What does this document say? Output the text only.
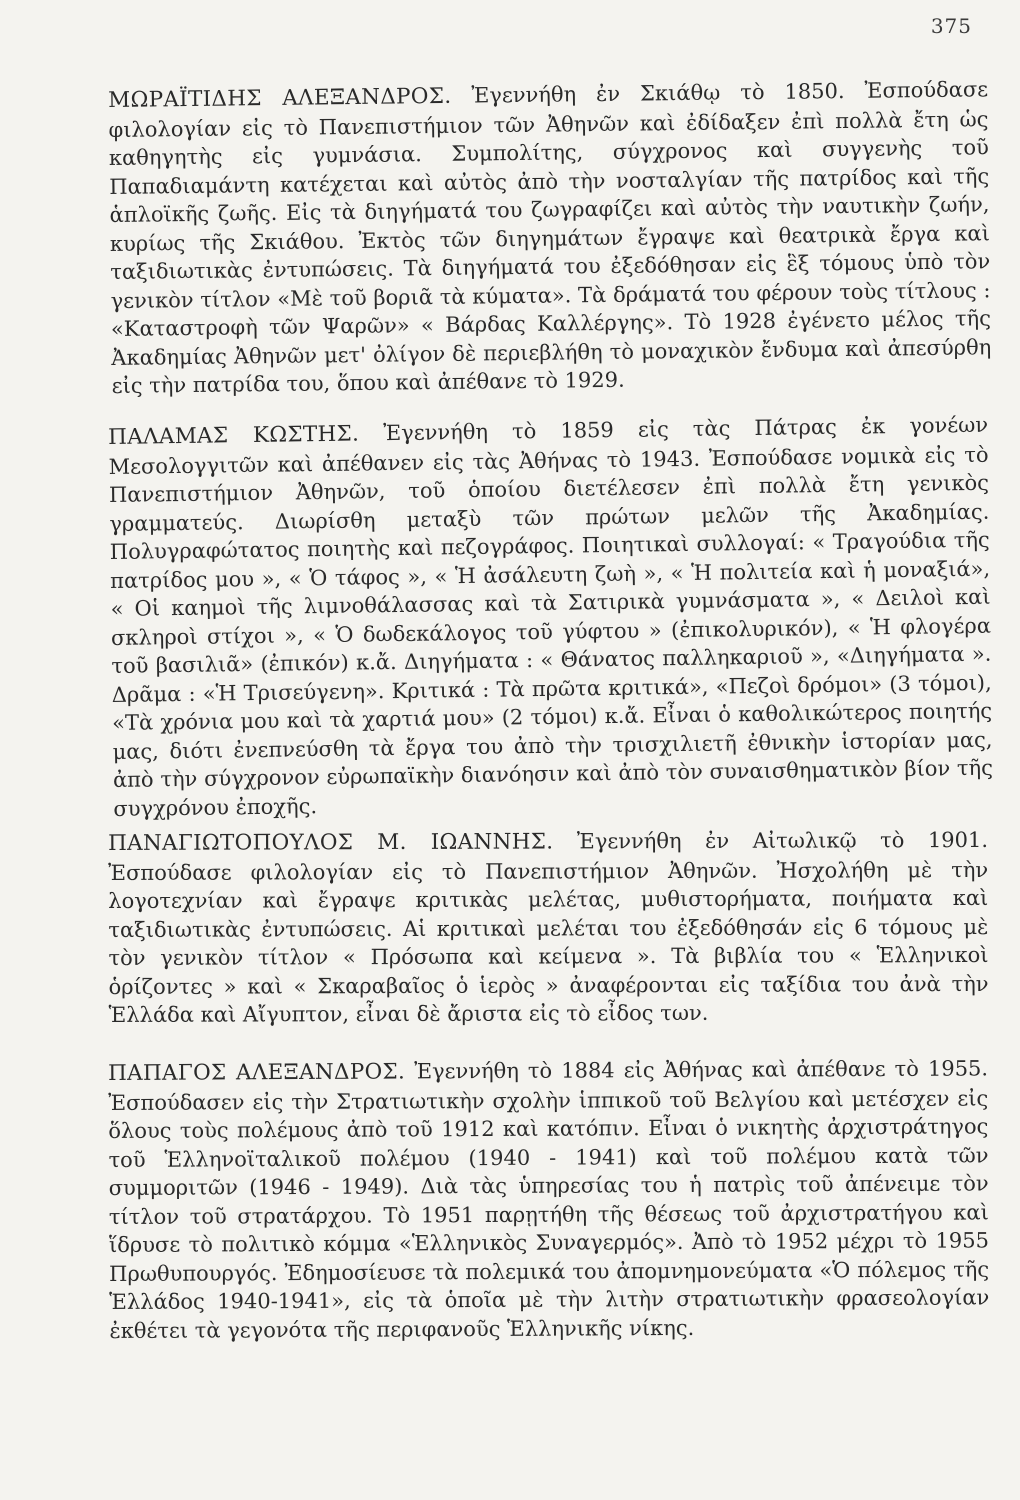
375

ΜΩΡΑΪΤΙΔΗΣ ΑΛΕΞΑΝΔΡΟΣ. Ἐγεννήθη ἐν Σκιάθῳ τὸ 1850. Ἐσπούδασε φιλολογίαν εἰς τὸ Πανεπιστήμιον τῶν Ἀθηνῶν καὶ ἐδίδαξεν ἐπὶ πολλὰ ἔτη ὡς καθηγητὴς εἰς γυμνάσια. Συμπολίτης, σύγχρονος καὶ συγγενὴς τοῦ Παπαδιαμάντη κατέχεται καὶ αὐτὸς ἀπὸ τὴν νοσταλγίαν τῆς πατρίδος καὶ τῆς ἁπλοϊκῆς ζωῆς. Εἰς τὰ διηγήματά του ζωγραφίζει καὶ αὐτὸς τὴν ναυτικὴν ζωήν, κυρίως τῆς Σκιάθου. Ἐκτὸς τῶν διηγημάτων ἔγραψε καὶ θεατρικὰ ἔργα καὶ ταξιδιωτικὰς ἐντυπώσεις. Τὰ διηγήματά του ἐξεδόθησαν εἰς ἓξ τόμους ὑπὸ τὸν γενικὸν τίτλον «Μὲ τοῦ βοριᾶ τὰ κύματα». Τὰ δράματά του φέρουν τοὺς τίτλους : «Καταστροφὴ τῶν Ψαρῶν» « Βάρδας Καλλέργης». Τὸ 1928 ἐγένετο μέλος τῆς Ἀκαδημίας Ἀθηνῶν μετ' ὀλίγον δὲ περιεβλήθη τὸ μοναχικὸν ἔνδυμα καὶ ἀπεσύρθη εἰς τὴν πατρίδα του, ὅπου καὶ ἀπέθανε τὸ 1929.

ΠΑΛΑΜΑΣ ΚΩΣΤΗΣ. Ἐγεννήθη τὸ 1859 εἰς τὰς Πάτρας ἐκ γονέων Μεσολογγιτῶν καὶ ἀπέθανεν εἰς τὰς Ἀθήνας τὸ 1943. Ἐσπούδασε νομικὰ εἰς τὸ Πανεπιστήμιον Ἀθηνῶν, τοῦ ὁποίου διετέλεσεν ἐπὶ πολλὰ ἔτη γενικὸς γραμματεύς. Διωρίσθη μεταξὺ τῶν πρώτων μελῶν τῆς Ἀκαδημίας. Πολυγραφώτατος ποιητὴς καὶ πεζογράφος. Ποιητικαὶ συλλογαί: « Τραγούδια τῆς πατρίδος μου », « Ὁ τάφος », « Ἡ ἀσάλευτη ζωὴ », « Ἡ πολιτεία καὶ ἡ μοναξιά», « Οἱ καημοὶ τῆς λιμνοθάλασσας καὶ τὰ Σατιρικὰ γυμνάσματα », « Δειλοὶ καὶ σκληροὶ στίχοι », « Ὁ δωδεκάλογος τοῦ γύφτου » (ἐπικολυρικόν), « Ἡ φλογέρα τοῦ βασιλιᾶ» (ἐπικόν) κ.ἄ. Διηγήματα : « Θάνατος παλληκαριοῦ », «Διηγήματα ». Δρᾶμα : «Ἡ Τρισεύγενη». Κριτικά : Τὰ πρῶτα κριτικά», «Πεζοὶ δρόμοι» (3 τόμοι), «Τὰ χρόνια μου καὶ τὰ χαρτιά μου» (2 τόμοι) κ.ἄ. Εἶναι ὁ καθολικώτερος ποιητής μας, διότι ἐνεπνεύσθη τὰ ἔργα του ἀπὸ τὴν τρισχιλιετῆ ἐθνικὴν ἱστορίαν μας, ἀπὸ τὴν σύγχρονον εὐρωπαϊκὴν διανόησιν καὶ ἀπὸ τὸν συναισθηματικὸν βίον τῆς συγχρόνου ἐποχῆς.

ΠΑΝΑΓΙΩΤΟΠΟΥΛΟΣ Μ. ΙΩΑΝΝΗΣ. Ἐγεννήθη ἐν Αἰτωλικῷ τὸ 1901. Ἐσπούδασε φιλολογίαν εἰς τὸ Πανεπιστήμιον Ἀθηνῶν. Ἠσχολήθη μὲ τὴν λογοτεχνίαν καὶ ἔγραψε κριτικὰς μελέτας, μυθιστορήματα, ποιήματα καὶ ταξιδιωτικὰς ἐντυπώσεις. Αἱ κριτικαὶ μελέται του ἐξεδόθησάν εἰς 6 τόμους μὲ τὸν γενικὸν τίτλον « Πρόσωπα καὶ κείμενα ». Τὰ βιβλία του « Ἑλληνικοὶ ὁρίζοντες » καὶ « Σκαραβαῖος ὁ ἱερὸς » ἀναφέρονται εἰς ταξίδια του ἀνὰ τὴν Ἑλλάδα καὶ Αἴγυπτον, εἶναι δὲ ἄριστα εἰς τὸ εἶδος των.

ΠΑΠΑΓΟΣ ΑΛΕΞΑΝΔΡΟΣ. Ἐγεννήθη τὸ 1884 εἰς Ἀθήνας καὶ ἀπέθανε τὸ 1955. Ἐσπούδασεν εἰς τὴν Στρατιωτικὴν σχολὴν ἱππικοῦ τοῦ Βελγίου καὶ μετέσχεν εἰς ὅλους τοὺς πολέμους ἀπὸ τοῦ 1912 καὶ κατόπιν. Εἶναι ὁ νικητὴς ἀρχιστράτηγος τοῦ Ἑλληνοϊταλικοῦ πολέμου (1940 - 1941) καὶ τοῦ πολέμου κατὰ τῶν συμμοριτῶν (1946 - 1949). Διὰ τὰς ὑπηρεσίας του ἡ πατρὶς τοῦ ἀπένειμε τὸν τίτλον τοῦ στρατάρχου. Τὸ 1951 παρῃτήθη τῆς θέσεως τοῦ ἀρχιστρατήγου καὶ ἵδρυσε τὸ πολιτικὸ κόμμα «Ἑλληνικὸς Συναγερμός». Ἀπὸ τὸ 1952 μέχρι τὸ 1955 Πρωθυπουργός. Ἐδημοσίευσε τὰ πολεμικά του ἀπομνημονεύματα «Ὁ πόλεμος τῆς Ἑλλάδος 1940-1941», εἰς τὰ ὁποῖα μὲ τὴν λιτὴν στρατιωτικὴν φρασεολογίαν ἐκθέτει τὰ γεγονότα τῆς περιφανοῦς Ἑλληνικῆς νίκης.
